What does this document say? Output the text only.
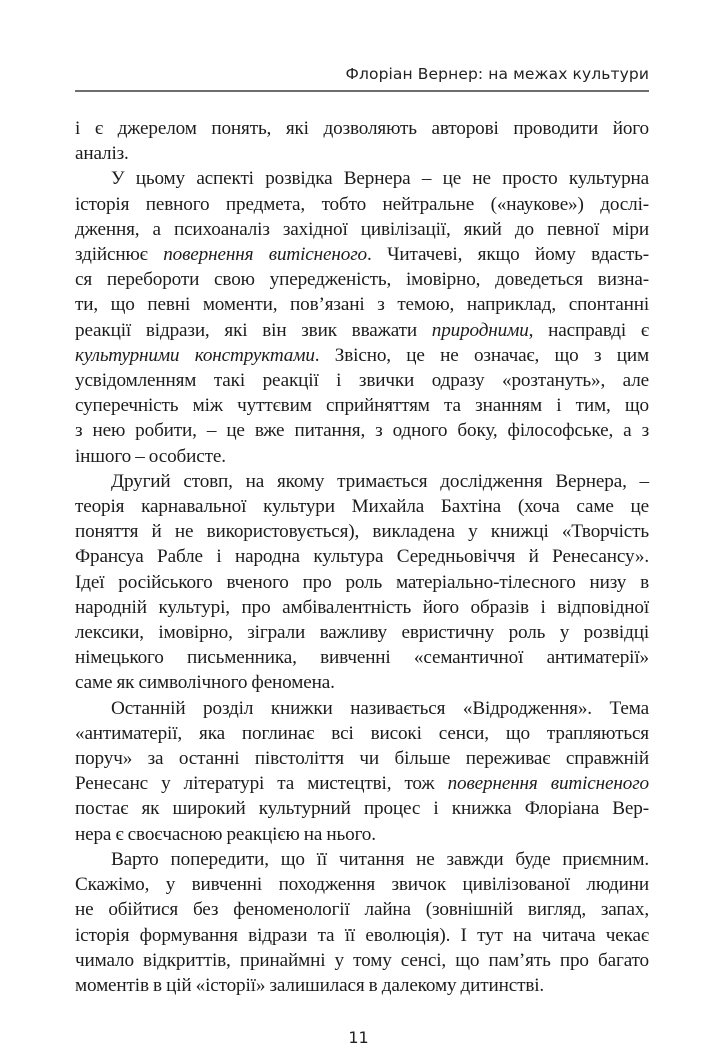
Флоріан Вернер: на межах культури
і є джерелом понять, які дозволяють авторові проводити його
аналіз.
У цьому аспекті розвідка Вернера – це не просто культурна
історія певного предмета, тобто нейтральне («наукове») дослі-
дження, а психоаналіз західної цивілізації, який до певної міри
здійснює повернення витісненого. Читачеві, якщо йому вдасть-
ся перебороти свою упередженість, імовірно, доведеться визна-
ти, що певні моменти, пов’язані з темою, наприклад, спонтанні
реакції відрази, які він звик вважати природними, насправді є
культурними конструктами. Звісно, це не означає, що з цим
усвідомленням такі реакції і звички одразу «розтануть», але
суперечність між чуттєвим сприйняттям та знанням і тим, що
з нею робити, – це вже питання, з одного боку, філософське, а з
іншого – особисте.
Другий стовп, на якому тримається дослідження Вернера, –
теорія карнавальної культури Михайла Бахтіна (хоча саме це
поняття й не використовується), викладена у книжці «Творчість
Франсуа Рабле і народна культура Середньовіччя й Ренесансу».
Ідеї російського вченого про роль матеріально-тілесного низу в
народній культурі, про амбівалентність його образів і відповідної
лексики, імовірно, зіграли важливу евристичну роль у розвідці
німецького письменника, вивченні «семантичної антиматерії»
саме як символічного феномена.
Останній розділ книжки називається «Відродження». Тема
«антиматерії, яка поглинає всі високі сенси, що трапляються
поруч» за останні півстоліття чи більше переживає справжній
Ренесанс у літературі та мистецтві, тож повернення витісненого
постає як широкий культурний процес і книжка Флоріана Вер-
нера є своєчасною реакцією на нього.
Варто попередити, що її читання не завжди буде приємним.
Скажімо, у вивченні походження звичок цивілізованої людини
не обійтися без феноменології лайна (зовнішній вигляд, запах,
історія формування відрази та її еволюція). І тут на читача чекає
чимало відкриттів, принаймні у тому сенсі, що пам’ять про багато
моментів в цій «історії» залишилася в далекому дитинстві.
11
